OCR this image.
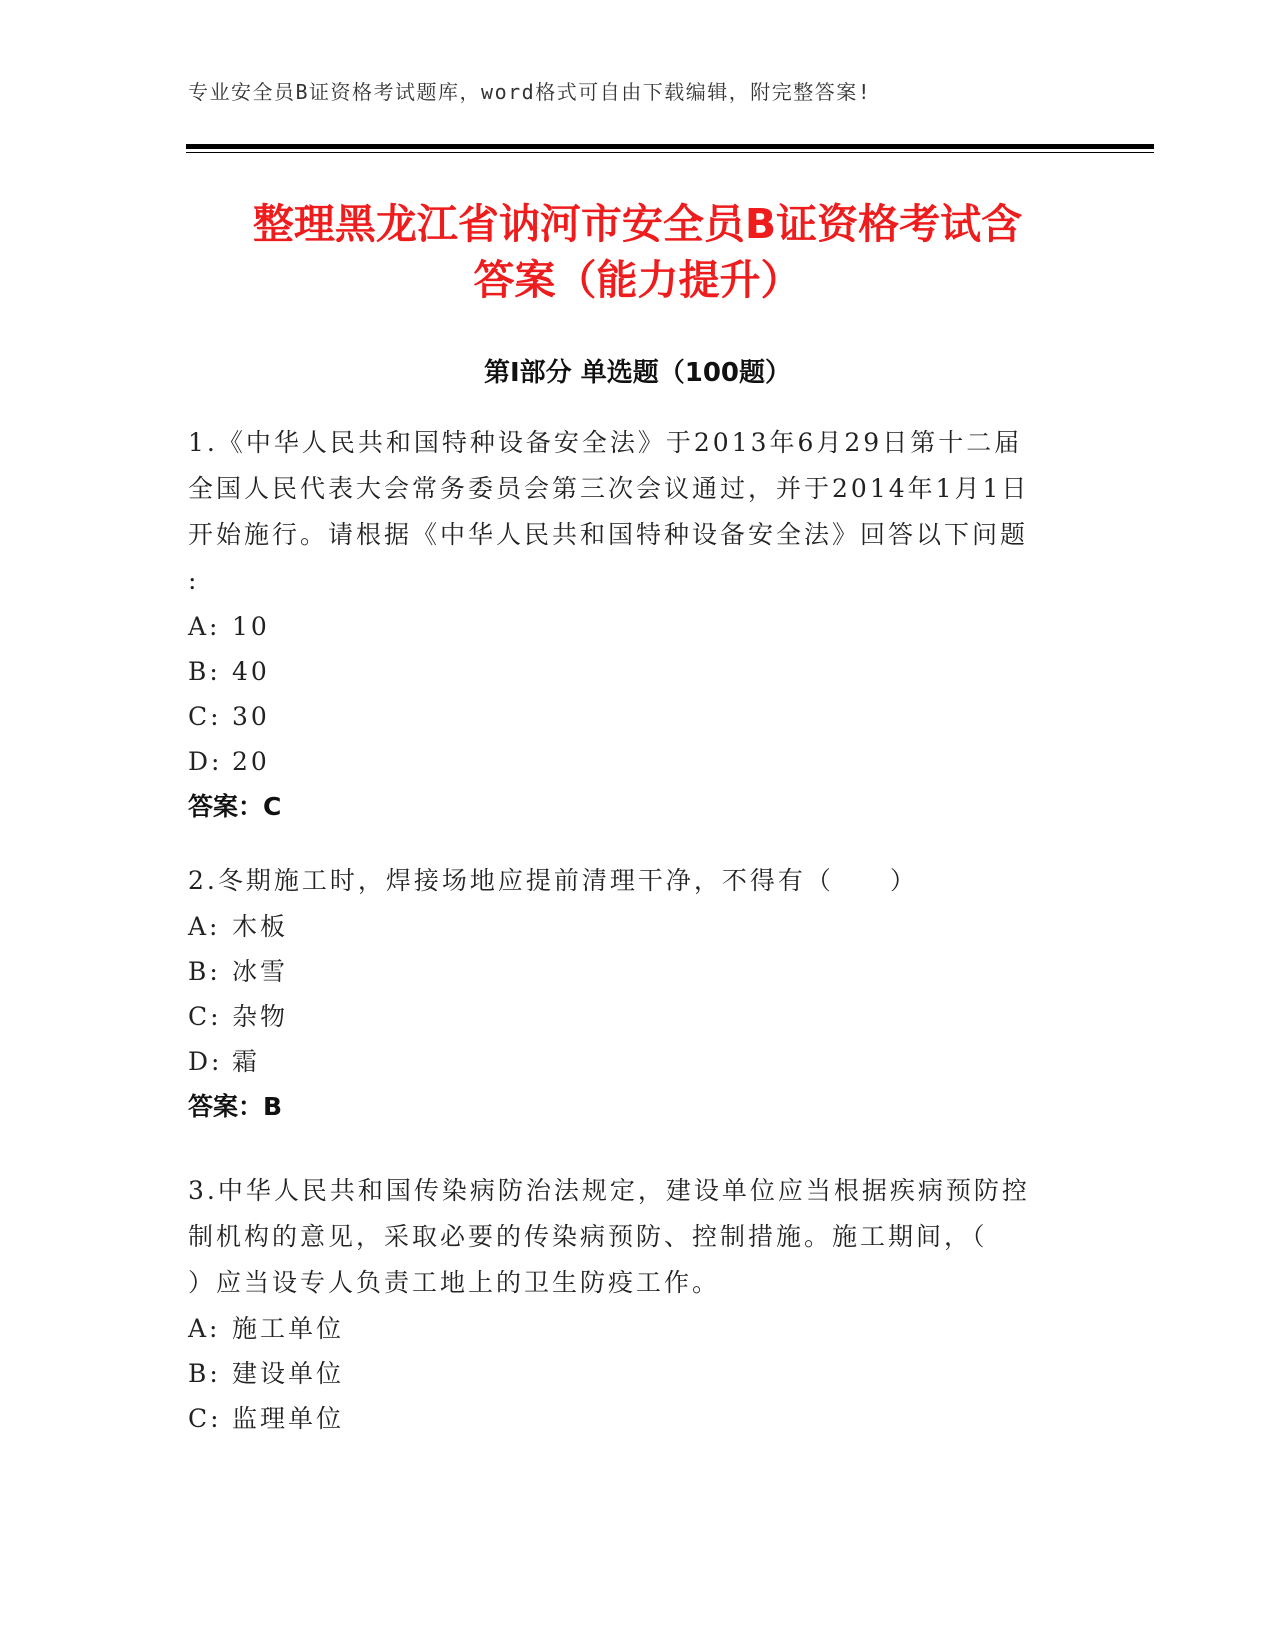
专业安全员B证资格考试题库，word格式可自由下载编辑，附完整答案!
整理黑龙江省讷河市安全员B证资格考试含
答案（能力提升）
第Ⅰ部分 单选题（100题）
1.《中华人民共和国特种设备安全法》于2013年6月29日第十二届
全国人民代表大会常务委员会第三次会议通过，并于2014年1月1日
开始施行。请根据《中华人民共和国特种设备安全法》回答以下问题
:
A: 10
B: 40
C: 30
D: 20
答案：C
2.冬期施工时，焊接场地应提前清理干净，不得有（　　）
A: 木板
B: 冰雪
C: 杂物
D: 霜
答案：B
3.中华人民共和国传染病防治法规定，建设单位应当根据疾病预防控
制机构的意见，采取必要的传染病预防、控制措施。施工期间，（
）应当设专人负责工地上的卫生防疫工作。
A: 施工单位
B: 建设单位
C: 监理单位
